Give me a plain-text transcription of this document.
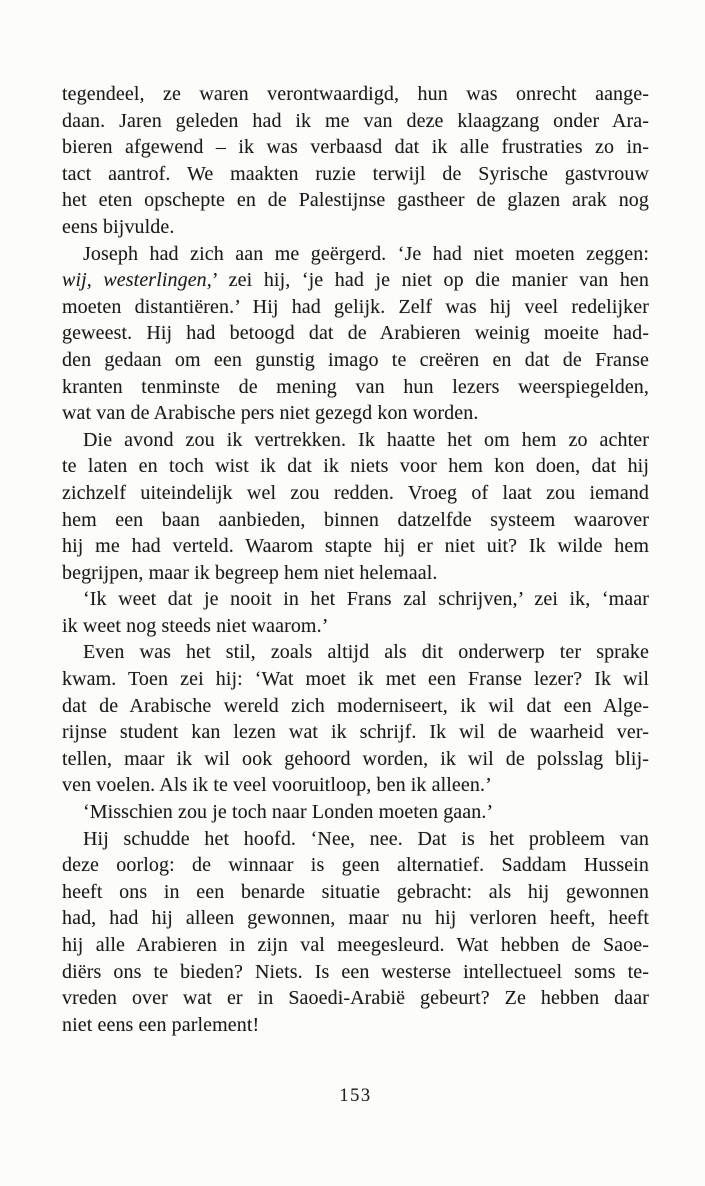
tegendeel, ze waren verontwaardigd, hun was onrecht aange-
daan. Jaren geleden had ik me van deze klaagzang onder Ara-
bieren afgewend – ik was verbaasd dat ik alle frustraties zo in-
tact aantrof. We maakten ruzie terwijl de Syrische gastvrouw
het eten opschepte en de Palestijnse gastheer de glazen arak nog
eens bijvulde.
Joseph had zich aan me geërgerd. ‘Je had niet moeten zeggen:
wij, westerlingen,’ zei hij, ‘je had je niet op die manier van hen
moeten distantiëren.’ Hij had gelijk. Zelf was hij veel redelijker
geweest. Hij had betoogd dat de Arabieren weinig moeite had-
den gedaan om een gunstig imago te creëren en dat de Franse
kranten tenminste de mening van hun lezers weerspiegelden,
wat van de Arabische pers niet gezegd kon worden.
Die avond zou ik vertrekken. Ik haatte het om hem zo achter
te laten en toch wist ik dat ik niets voor hem kon doen, dat hij
zichzelf uiteindelijk wel zou redden. Vroeg of laat zou iemand
hem een baan aanbieden, binnen datzelfde systeem waarover
hij me had verteld. Waarom stapte hij er niet uit? Ik wilde hem
begrijpen, maar ik begreep hem niet helemaal.
‘Ik weet dat je nooit in het Frans zal schrijven,’ zei ik, ‘maar
ik weet nog steeds niet waarom.’
Even was het stil, zoals altijd als dit onderwerp ter sprake
kwam. Toen zei hij: ‘Wat moet ik met een Franse lezer? Ik wil
dat de Arabische wereld zich moderniseert, ik wil dat een Alge-
rijnse student kan lezen wat ik schrijf. Ik wil de waarheid ver-
tellen, maar ik wil ook gehoord worden, ik wil de polsslag blij-
ven voelen. Als ik te veel vooruitloop, ben ik alleen.’
‘Misschien zou je toch naar Londen moeten gaan.’
Hij schudde het hoofd. ‘Nee, nee. Dat is het probleem van
deze oorlog: de winnaar is geen alternatief. Saddam Hussein
heeft ons in een benarde situatie gebracht: als hij gewonnen
had, had hij alleen gewonnen, maar nu hij verloren heeft, heeft
hij alle Arabieren in zijn val meegesleurd. Wat hebben de Saoe-
diërs ons te bieden? Niets. Is een westerse intellectueel soms te-
vreden over wat er in Saoedi-Arabië gebeurt? Ze hebben daar
niet eens een parlement!
153
